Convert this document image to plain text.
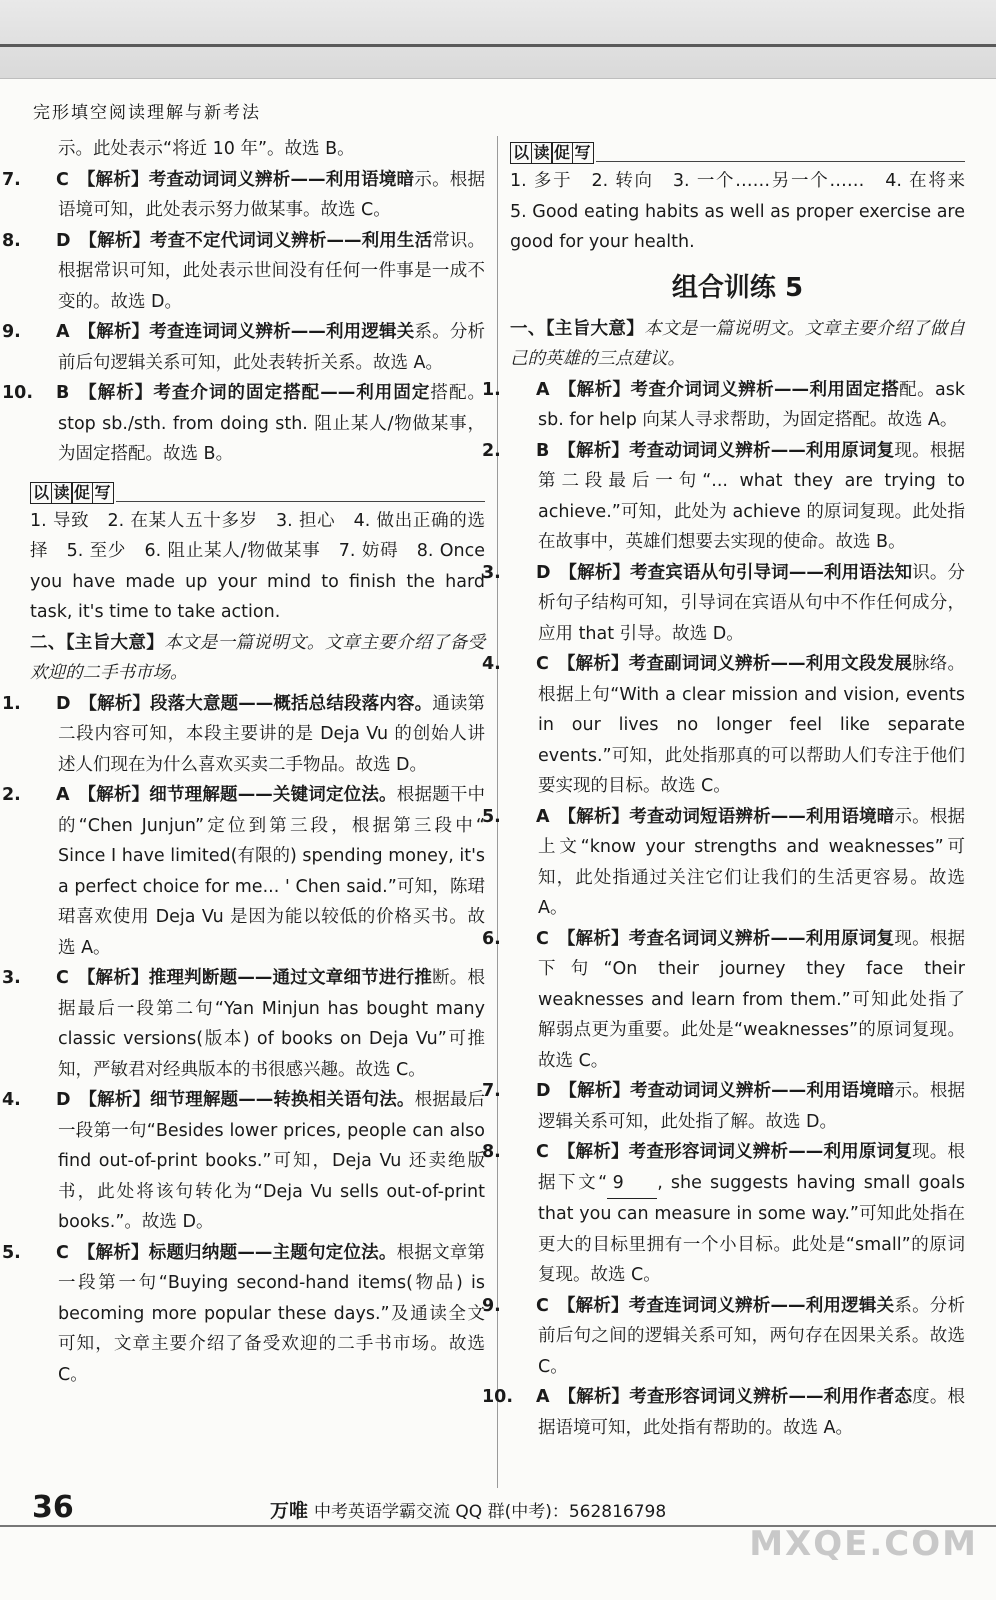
完形填空阅读理解与新考法

示。此处表示“将近 10 年”。故选 B。

7. C  【解析】考查动词词义辨析——利用语境暗示。根据语境可知，此处表示努力做某事。故选 C。

8. D  【解析】考查不定代词词义辨析——利用生活常识。根据常识可知，此处表示世间没有任何一件事是一成不变的。故选 D。

9. A  【解析】考查连词词义辨析——利用逻辑关系。分析前后句逻辑关系可知，此处表转折关系。故选 A。

10. B  【解析】考查介词的固定搭配——利用固定搭配。stop sb./sth. from doing sth. 阻止某人/物做某事，为固定搭配。故选 B。

以 读 促 写

1. 导致　2. 在某人五十多岁　3. 担心　4. 做出正确的选择　5. 至少　6. 阻止某人/物做某事　7. 妨碍　8. Once you have made up your mind to finish the hard task, it's time to take action.

二、【主旨大意】本文是一篇说明文。文章主要介绍了备受欢迎的二手书市场。

1. D  【解析】段落大意题——概括总结段落内容。通读第二段内容可知，本段主要讲的是 Deja Vu 的创始人讲述人们现在为什么喜欢买卖二手物品。故选 D。

2. A  【解析】细节理解题——关键词定位法。根据题干中的“Chen Junjun”定位到第三段，根据第三段中“ Since I have limited(有限的) spending money, it's a perfect choice for me... ' Chen said.”可知，陈珺珺喜欢使用 Deja Vu 是因为能以较低的价格买书。故选 A。

3. C  【解析】推理判断题——通过文章细节进行推断。根据最后一段第二句“Yan Minjun has bought many classic versions(版本) of books on Deja Vu”可推知，严敏君对经典版本的书很感兴趣。故选 C。

4. D  【解析】细节理解题——转换相关语句法。根据最后一段第一句“Besides lower prices, people can also find out-of-print books.”可知，Deja Vu 还卖绝版书，此处将该句转化为“Deja Vu sells out-of-print books.”。故选 D。

5. C  【解析】标题归纳题——主题句定位法。根据文章第一段第一句“Buying second-hand items(物品) is becoming more popular these days.”及通读全文可知，文章主要介绍了备受欢迎的二手书市场。故选 C。

以 读 促 写

1. 多于　2. 转向　3. 一个……另一个……　4. 在将来　5. Good eating habits as well as proper exercise are good for your health.

组合训练 5

一、【主旨大意】本文是一篇说明文。文章主要介绍了做自己的英雄的三点建议。

1. A  【解析】考查介词词义辨析——利用固定搭配。ask sb. for help 向某人寻求帮助，为固定搭配。故选 A。

2. B  【解析】考查动词词义辨析——利用原词复现。根据第二段最后一句“... what they are trying to achieve.”可知，此处为 achieve 的原词复现。此处指在故事中，英雄们想要去实现的使命。故选 B。

3. D  【解析】考查宾语从句引导词——利用语法知识。分析句子结构可知，引导词在宾语从句中不作任何成分，应用 that 引导。故选 D。

4. C  【解析】考查副词词义辨析——利用文段发展脉络。根据上句“With a clear mission and vision, events in our lives no longer feel like separate events.”可知，此处指那真的可以帮助人们专注于他们要实现的目标。故选 C。

5. A  【解析】考查动词短语辨析——利用语境暗示。根据上文“know your strengths and weaknesses”可知，此处指通过关注它们让我们的生活更容易。故选 A。

6. C  【解析】考查名词词义辨析——利用原词复现。根据下句“On their journey they face their weaknesses and learn from them.”可知此处指了解弱点更为重要。此处是“weaknesses”的原词复现。故选 C。

7. D  【解析】考查动词词义辨析——利用语境暗示。根据逻辑关系可知，此处指了解。故选 D。

8. C  【解析】考查形容词词义辨析——利用原词复现。根据下文“ 9 , she suggests having small goals that you can measure in some way.”可知此处指在更大的目标里拥有一个小目标。此处是“small”的原词复现。故选 C。

9. C  【解析】考查连词词义辨析——利用逻辑关系。分析前后句之间的逻辑关系可知，两句存在因果关系。故选 C。

10. A  【解析】考查形容词词义辨析——利用作者态度。根据语境可知，此处指有帮助的。故选 A。

36	万唯 中考英语学霸交流 QQ 群(中考)：562816798
MXQE.COM
